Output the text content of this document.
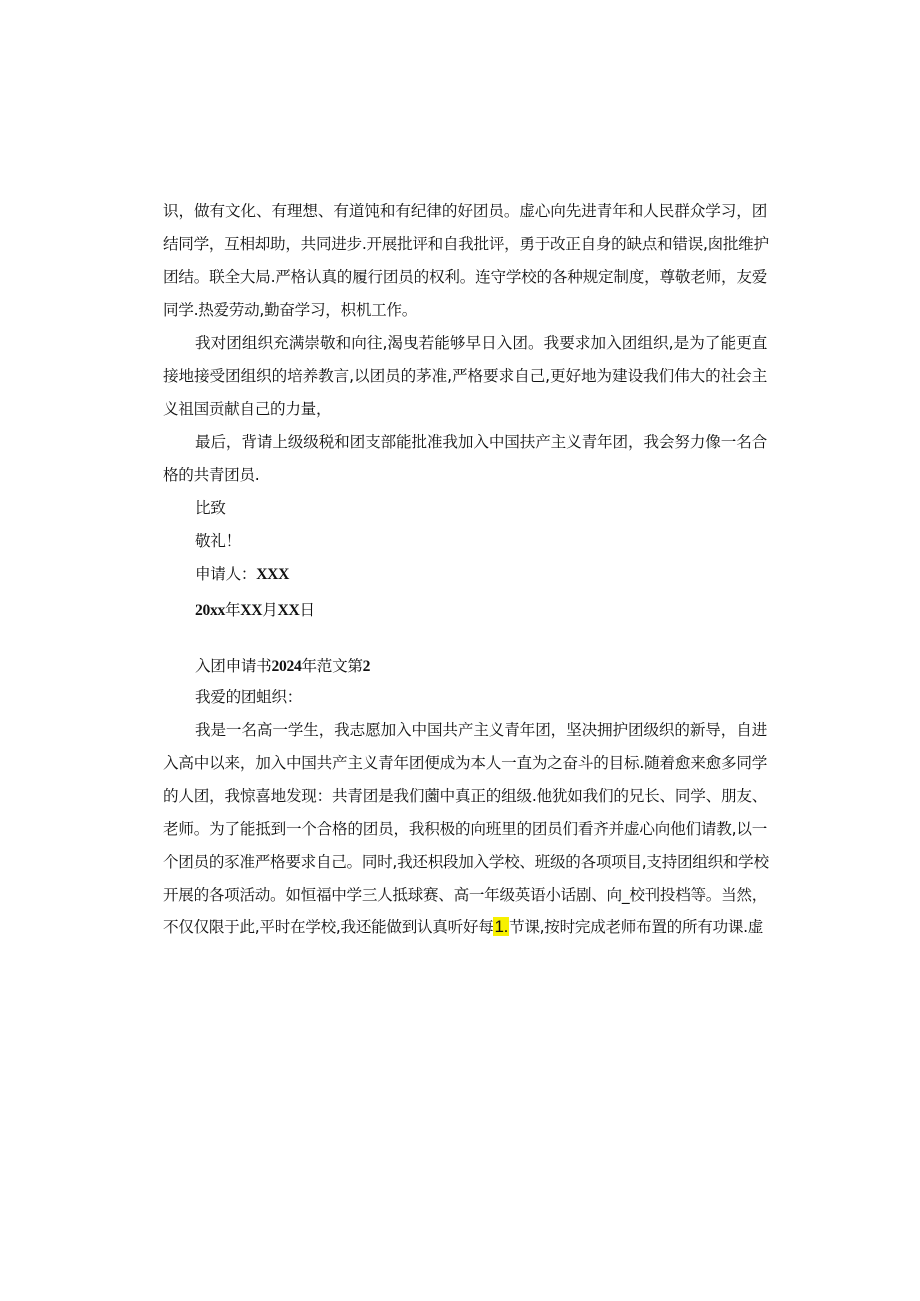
识，做有文化、有理想、有道饨和有纪律的好团员。虚心向先进青年和人民群众学习，团
结同学，互相却助，共同进步.开展批评和自我批评，勇于改正自身的缺点和错误,囱批维护
团结。联全大局.严格认真的履行团员的权利。连守学校的各种规定制度，尊敬老师，友爱
同学.热爱劳动,勤奋学习，枳机工作。
我对团组织充满崇敬和向往,渴曳若能够早日入团。我要求加入团组织,是为了能更直
接地接受团组织的培养教言,以团员的茅准,严格要求自己,更好地为建设我们伟大的社会主
义祖国贡献自己的力量，
最后，背请上级级税和团支部能批准我加入中国扶产主义青年团，我会努力像一名合
格的共青团员.
比致
敬礼！
申请人：XXX
20xx年XX月XX日
入团申请书2024年范文第2
我爱的团蛆织：
我是一名高一学生，我志愿加入中国共产主义青年团，坚决拥护团级织的新导，自进
入高中以来，加入中国共产主义青年团便成为本人一直为之奋斗的目标.随着愈来愈多同学
的人团，我惊喜地发现：共青团是我们薗中真正的组级.他犹如我们的兄长、同学、朋友、
老师。为了能抵到一个合格的团员，我积极的向班里的团员们看齐并虚心向他们请教,以一
个团员的豕准严格要求自己。同时,我还枳段加入学校、班级的各项项目,支持团组织和学校
开展的各项活动。如恒福中学三人抵球赛、高一年级英语小话剧、向_校刊投档等。当然，
不仅仅限于此,平时在学校,我还能做到认真听好每1.节课,按时完成老师布置的所有功课.虚
